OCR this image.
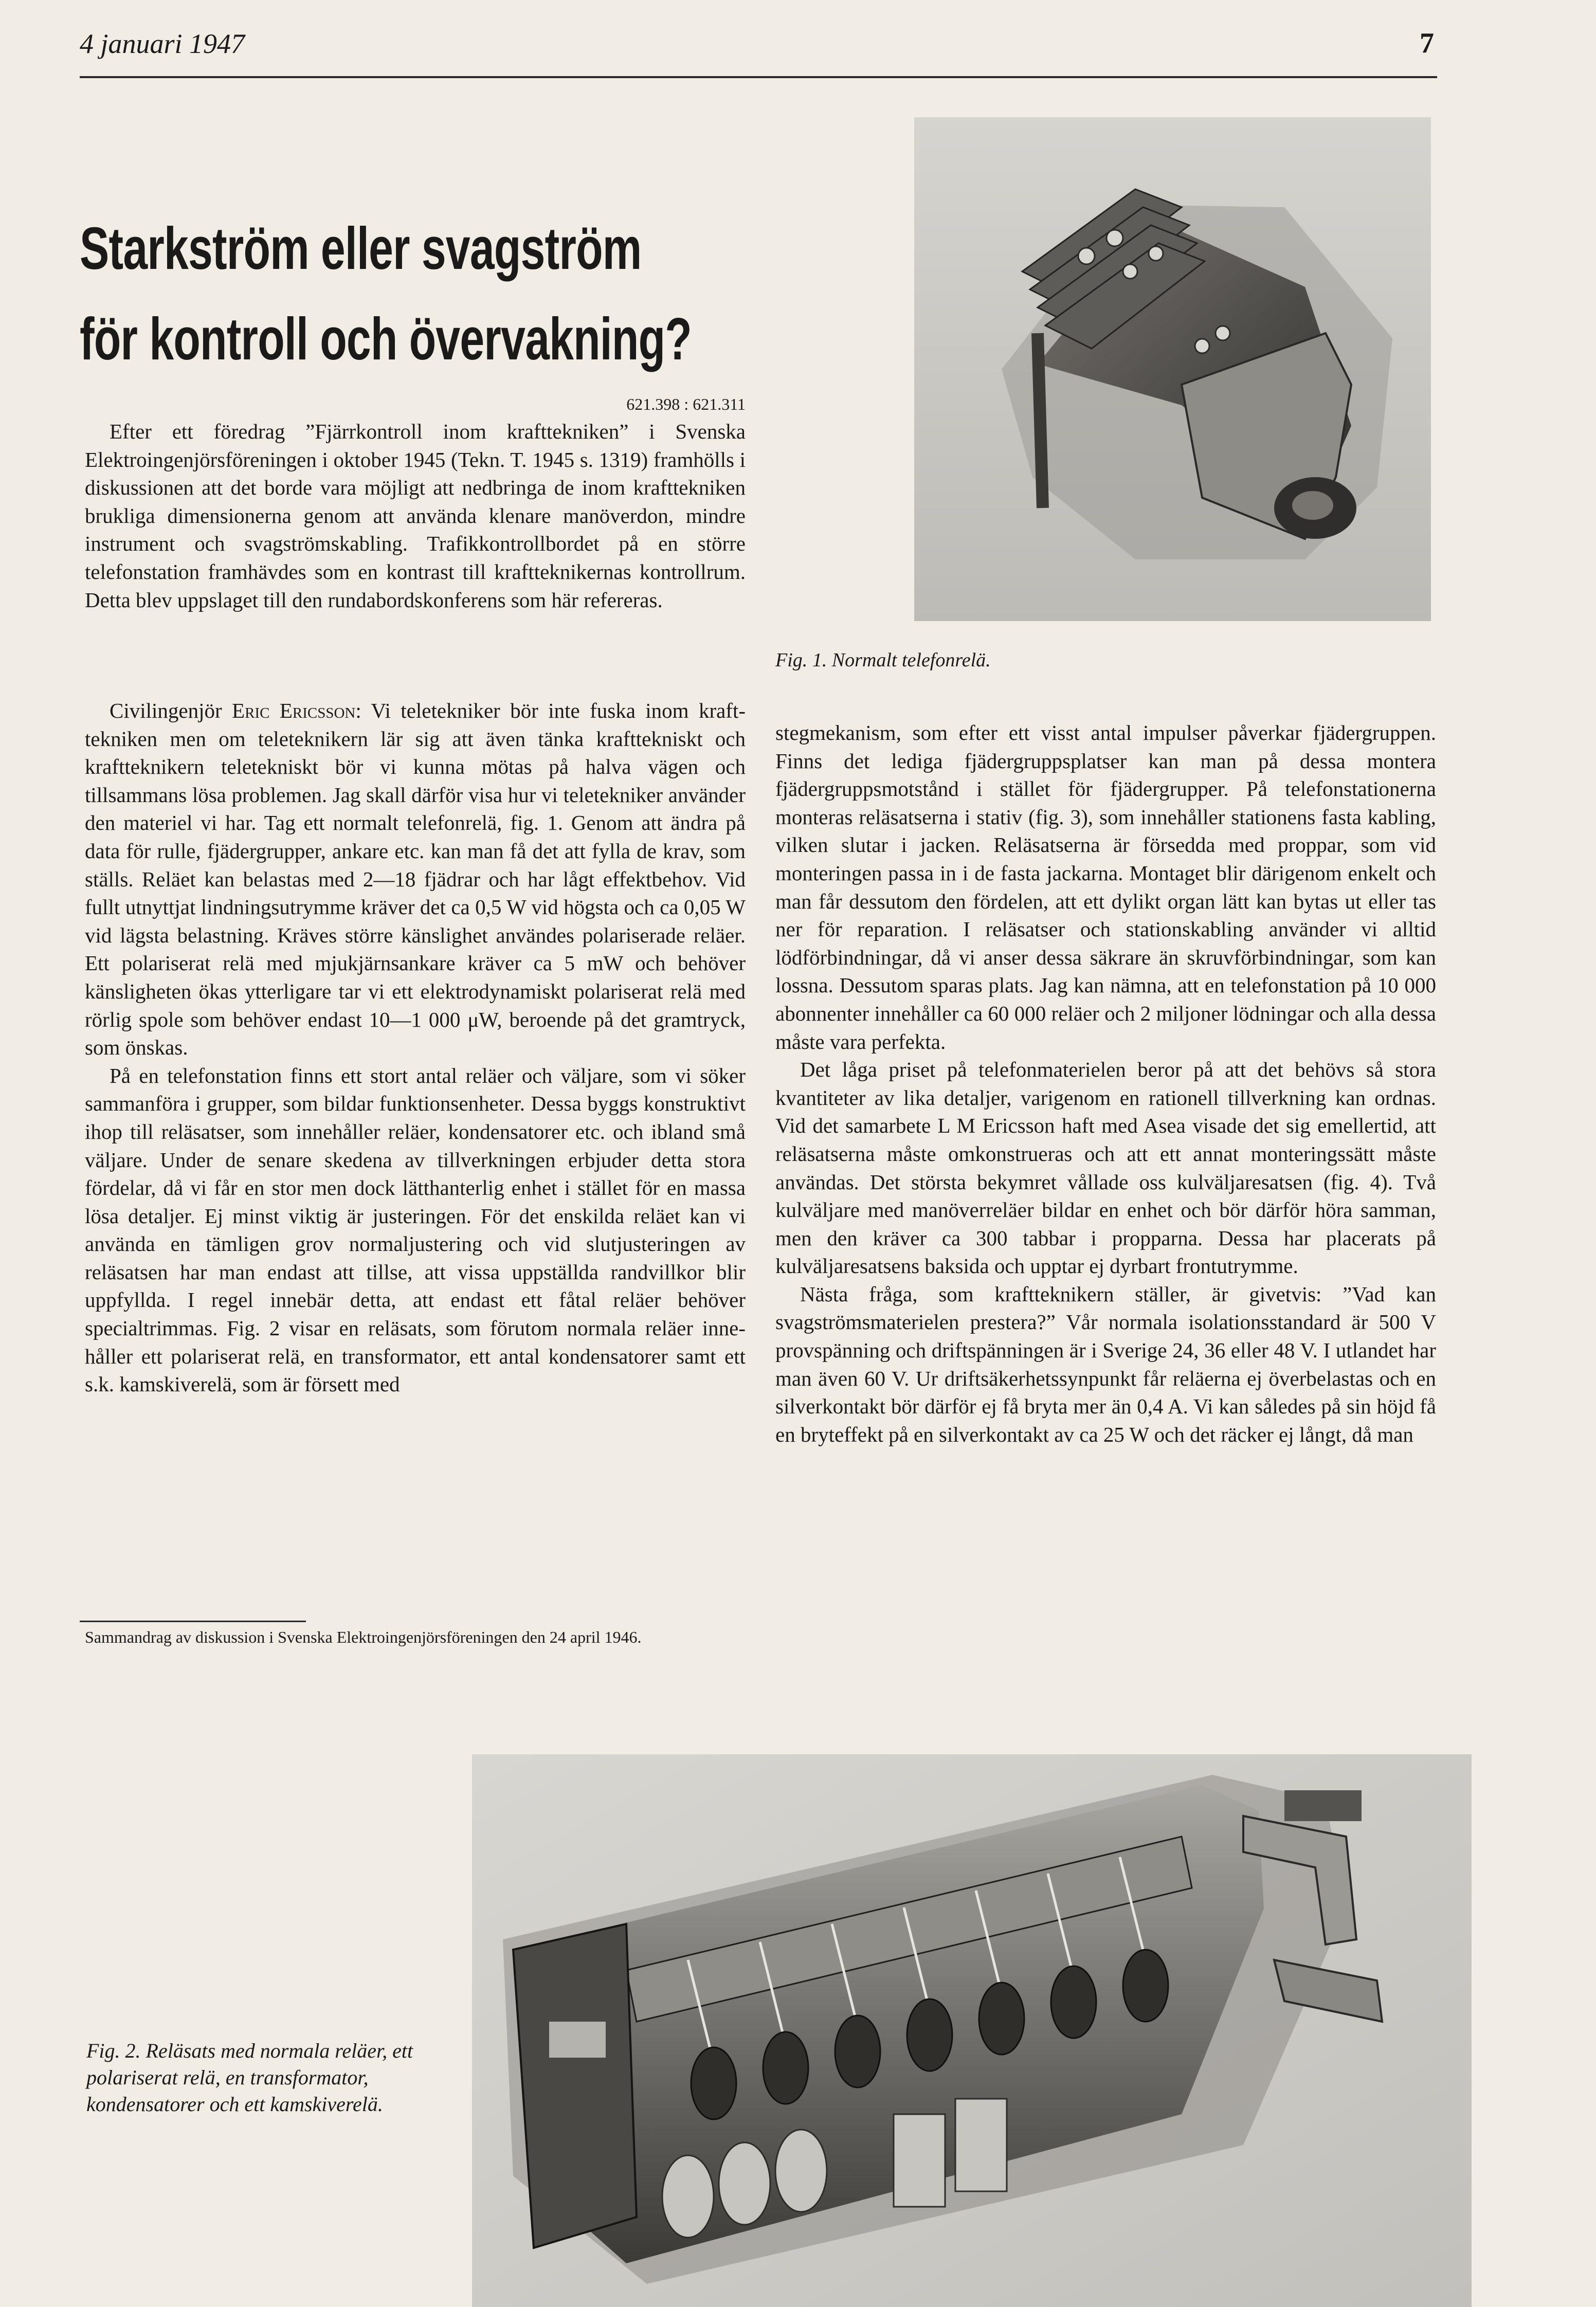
4 januari 1947	7
Starkström eller svagström
för kontroll och övervakning?
621.398 : 621.311

Efter ett föredrag ”Fjärrkontroll inom krafttekniken” i Svenska Elektroingenjörsföreningen i oktober 1945 (Tekn. T. 1945 s. 1319) framhölls i diskussionen att det borde vara möjligt att nedbringa de inom krafttekniken brukliga dimensionerna genom att använda klenare manöverdon, mindre instrument och svagströmskabling. Trafikkontrollbordet på en större telefonstation framhävdes som en kontrast till kraftteknikernas kontrollrum. Detta blev uppslaget till den rundabordskonferens som här refereras.

Civilingenjör Eric Ericsson: Vi teletekniker bör inte fuska inom krafttekniken men om teleteknikern lär sig att även tänka krafttekniskt och kraftteknikern teletekniskt bör vi kunna mötas på halva vägen och tillsammans lösa problemen. Jag skall därför visa hur vi teletekniker använder den materiel vi har. Tag ett normalt telefonrelä, fig. 1. Genom att ändra på data för rulle, fjädergrupper, ankare etc. kan man få det att fylla de krav, som ställs. Reläet kan belastas med 2—18 fjädrar och har lågt effektbehov. Vid fullt utnyttjat lindningsutrymme kräver det ca 0,5 W vid högsta och ca 0,05 W vid lägsta belastning. Kräves större känslighet användes polariserade reläer. Ett polariserat relä med mjukjärnsankare kräver ca 5 mW och behöver känsligheten ökas ytterligare tar vi ett elektrodynamiskt polariserat relä med rörlig spole som behöver endast 10—1 000 μW, beroende på det gramtryck, som önskas.

På en telefonstation finns ett stort antal reläer och väljare, som vi söker sammanföra i grupper, som bildar funktionsenheter. Dessa byggs konstruktivt ihop till reläsatser, som innehåller reläer, kondensatorer etc. och ibland små väljare. Under de senare skedena av tillverkningen erbjuder detta stora fördelar, då vi får en stor men dock lätthanterlig enhet i stället för en massa lösa detaljer. Ej minst viktig är justeringen. För det enskilda reläet kan vi använda en tämligen grov normaljustering och vid slutjusteringen av reläsatsen har man endast att tillse, att vissa uppställda randvillkor blir uppfyllda. I regel innebär detta, att endast ett fåtal reläer behöver specialtrimmas. Fig. 2 visar en reläsats, som förutom normala reläer innehåller ett polariserat relä, en transformator, ett antal kondensatorer samt ett s.k. kamskiverelä, som är försett med

Sammandrag av diskussion i Svenska Elektroingenjörsföreningen den 24 april 1946.

stegmekanism, som efter ett visst antal impulser påverkar fjädergruppen. Finns det lediga fjädergruppsplatser kan man på dessa montera fjädergruppsmotstånd i stället för fjädergrupper. På telefonstationerna monteras reläsatserna i stativ (fig. 3), som innehåller stationens fasta kabling, vilken slutar i jacken. Reläsatserna är försedda med proppar, som vid monteringen passa in i de fasta jackarna. Montaget blir därigenom enkelt och man får dessutom den fördelen, att ett dylikt organ lätt kan bytas ut eller tas ner för reparation. I reläsatser och stationskabling använder vi alltid lödförbindningar, då vi anser dessa säkrare än skruvförbindningar, som kan lossna. Dessutom sparas plats. Jag kan nämna, att en telefonstation på 10 000 abonnenter innehåller ca 60 000 reläer och 2 miljoner lödningar och alla dessa måste vara perfekta.

Det låga priset på telefonmaterielen beror på att det behövs så stora kvantiteter av lika detaljer, varigenom en rationell tillverkning kan ordnas. Vid det samarbete L M Ericsson haft med Asea visade det sig emellertid, att reläsatserna måste omkonstrueras och att ett annat monteringssätt måste användas. Det största bekymret vållade oss kulväljaresatsen (fig. 4). Två kulväljare med manöverreläer bildar en enhet och bör därför höra samman, men den kräver ca 300 tabbar i propparna. Dessa har placerats på kulväljaresatsens baksida och upptar ej dyrbart frontutrymme.

Nästa fråga, som kraftteknikern ställer, är givetvis: ”Vad kan svagströmsmaterielen prestera?” Vår normala isolationsstandard är 500 V provspänning och driftspänningen är i Sverige 24, 36 eller 48 V. I utlandet har man även 60 V. Ur driftsäkerhetssynpunkt får reläerna ej överbelastas och en silverkontakt bör därför ej få bryta mer än 0,4 A. Vi kan således på sin höjd få en bryteffekt på en silverkontakt av ca 25 W och det räcker ej långt, då man

Fig. 1. Normalt telefonrelä.
Fig. 2. Reläsats med normala reläer, ett polariserat relä, en transformator, kondensatorer och ett kamskiverelä.
